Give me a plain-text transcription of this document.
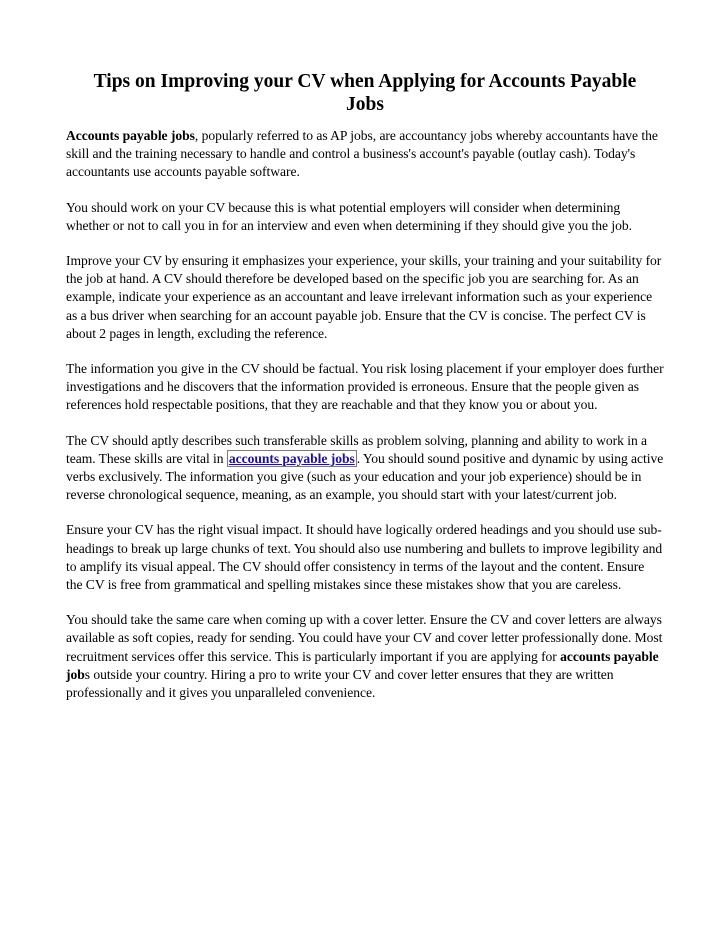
Tips on Improving your CV when Applying for Accounts Payable Jobs

Accounts payable jobs, popularly referred to as AP jobs, are accountancy jobs whereby accountants have the skill and the training necessary to handle and control a business's account's payable (outlay cash). Today's accountants use accounts payable software.

You should work on your CV because this is what potential employers will consider when determining whether or not to call you in for an interview and even when determining if they should give you the job.

Improve your CV by ensuring it emphasizes your experience, your skills, your training and your suitability for the job at hand. A CV should therefore be developed based on the specific job you are searching for. As an example, indicate your experience as an accountant and leave irrelevant information such as your experience as a bus driver when searching for an account payable job. Ensure that the CV is concise. The perfect CV is about 2 pages in length, excluding the reference.

The information you give in the CV should be factual. You risk losing placement if your employer does further investigations and he discovers that the information provided is erroneous. Ensure that the people given as references hold respectable positions, that they are reachable and that they know you or about you.

The CV should aptly describes such transferable skills as problem solving, planning and ability to work in a team. These skills are vital in accounts payable jobs . You should sound positive and dynamic by using active verbs exclusively. The information you give (such as your education and your job experience) should be in reverse chronological sequence, meaning, as an example, you should start with your latest/current job.

Ensure your CV has the right visual impact. It should have logically ordered headings and you should use sub-headings to break up large chunks of text. You should also use numbering and bullets to improve legibility and to amplify its visual appeal. The CV should offer consistency in terms of the layout and the content. Ensure the CV is free from grammatical and spelling mistakes since these mistakes show that you are careless.

You should take the same care when coming up with a cover letter. Ensure the CV and cover letters are always available as soft copies, ready for sending. You could have your CV and cover letter professionally done. Most recruitment services offer this service. This is particularly important if you are applying for accounts payable jobs outside your country. Hiring a pro to write your CV and cover letter ensures that they are written professionally and it gives you unparalleled convenience.
